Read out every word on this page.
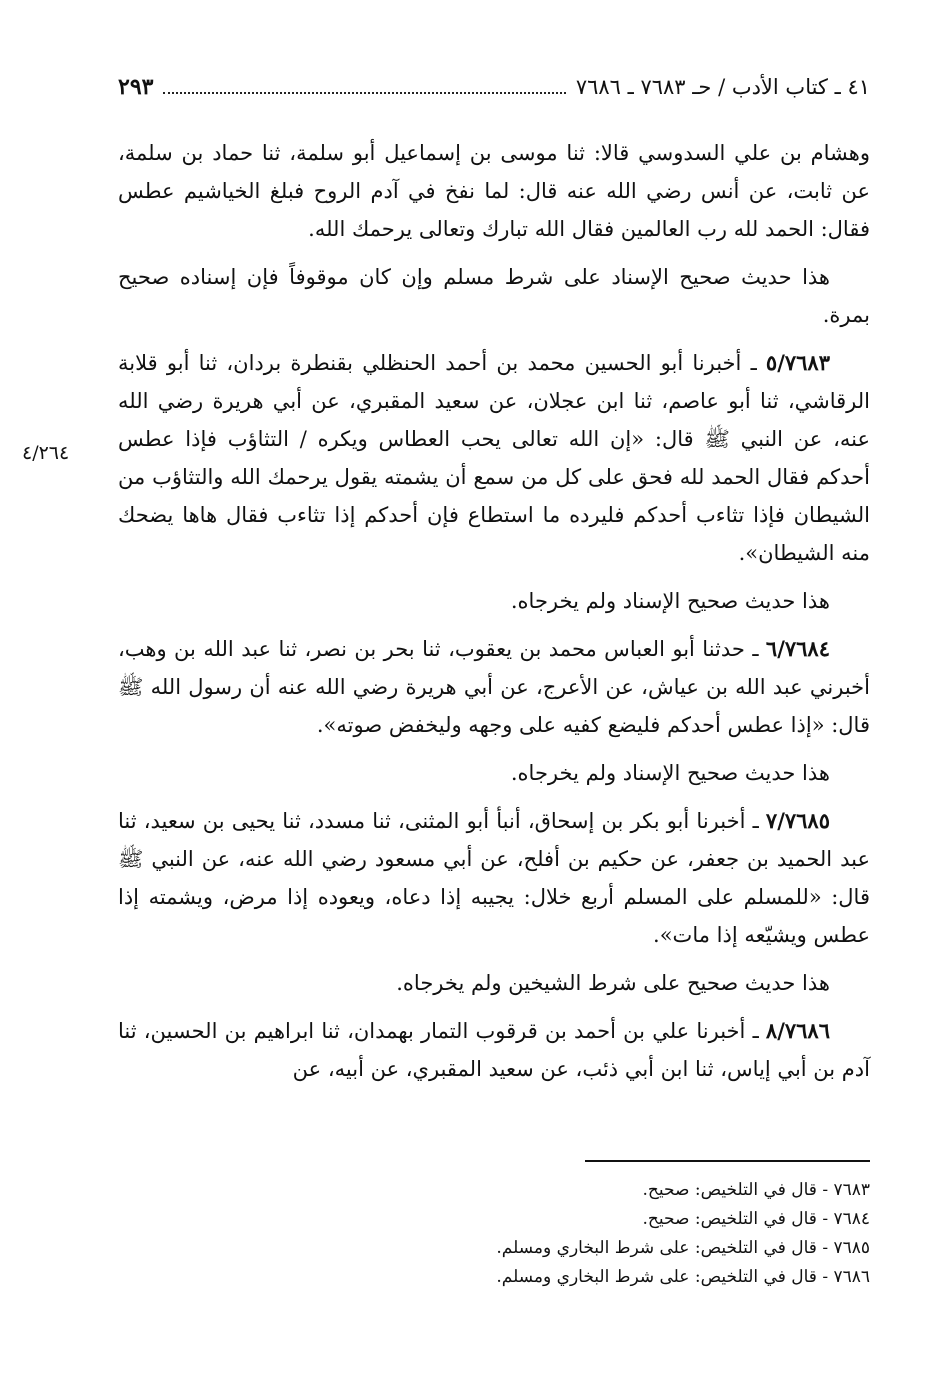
٤١ ـ كتاب الأدب / حـ ٧٦٨٣ ـ ٧٦٨٦
٢٩٣
٤/٢٦٤

وهشام بن علي السدوسي قالا: ثنا موسى بن إسماعيل أبو سلمة، ثنا حماد بن سلمة، عن ثابت، عن أنس رضي الله عنه قال: لما نفخ في آدم الروح فبلغ الخياشيم عطس فقال: الحمد لله رب العالمين فقال الله تبارك وتعالى يرحمك الله.

هذا حديث صحيح الإسناد على شرط مسلم وإن كان موقوفاً فإن إسناده صحيح بمرة.

٥/٧٦٨٣ ـ أخبرنا أبو الحسين محمد بن أحمد الحنظلي بقنطرة بردان، ثنا أبو قلابة الرقاشي، ثنا أبو عاصم، ثنا ابن عجلان، عن سعيد المقبري، عن أبي هريرة رضي الله عنه، عن النبي ﷺ قال: «إن الله تعالى يحب العطاس ويكره / التثاؤب فإذا عطس أحدكم فقال الحمد لله فحق على كل من سمع أن يشمته يقول يرحمك الله والتثاؤب من الشيطان فإذا تثاءب أحدكم فليرده ما استطاع فإن أحدكم إذا تثاءب فقال هاها يضحك منه الشيطان».

هذا حديث صحيح الإسناد ولم يخرجاه.

٦/٧٦٨٤ ـ حدثنا أبو العباس محمد بن يعقوب، ثنا بحر بن نصر، ثنا عبد الله بن وهب، أخبرني عبد الله بن عياش، عن الأعرج، عن أبي هريرة رضي الله عنه أن رسول الله ﷺ قال: «إذا عطس أحدكم فليضع كفيه على وجهه وليخفض صوته».

هذا حديث صحيح الإسناد ولم يخرجاه.

٧/٧٦٨٥ ـ أخبرنا أبو بكر بن إسحاق، أنبأ أبو المثنى، ثنا مسدد، ثنا يحيى بن سعيد، ثنا عبد الحميد بن جعفر، عن حكيم بن أفلح، عن أبي مسعود رضي الله عنه، عن النبي ﷺ قال: «للمسلم على المسلم أربع خلال: يجيبه إذا دعاه، ويعوده إذا مرض، ويشمته إذا عطس ويشيّعه إذا مات».

هذا حديث صحيح على شرط الشيخين ولم يخرجاه.

٨/٧٦٨٦ ـ أخبرنا علي بن أحمد بن قرقوب التمار بهمدان، ثنا ابراهيم بن الحسين، ثنا آدم بن أبي إياس، ثنا ابن أبي ذئب، عن سعيد المقبري، عن أبيه، عن

٧٦٨٣ - قال في التلخيص: صحيح.
٧٦٨٤ - قال في التلخيص: صحيح.
٧٦٨٥ - قال في التلخيص: على شرط البخاري ومسلم.
٧٦٨٦ - قال في التلخيص: على شرط البخاري ومسلم.
